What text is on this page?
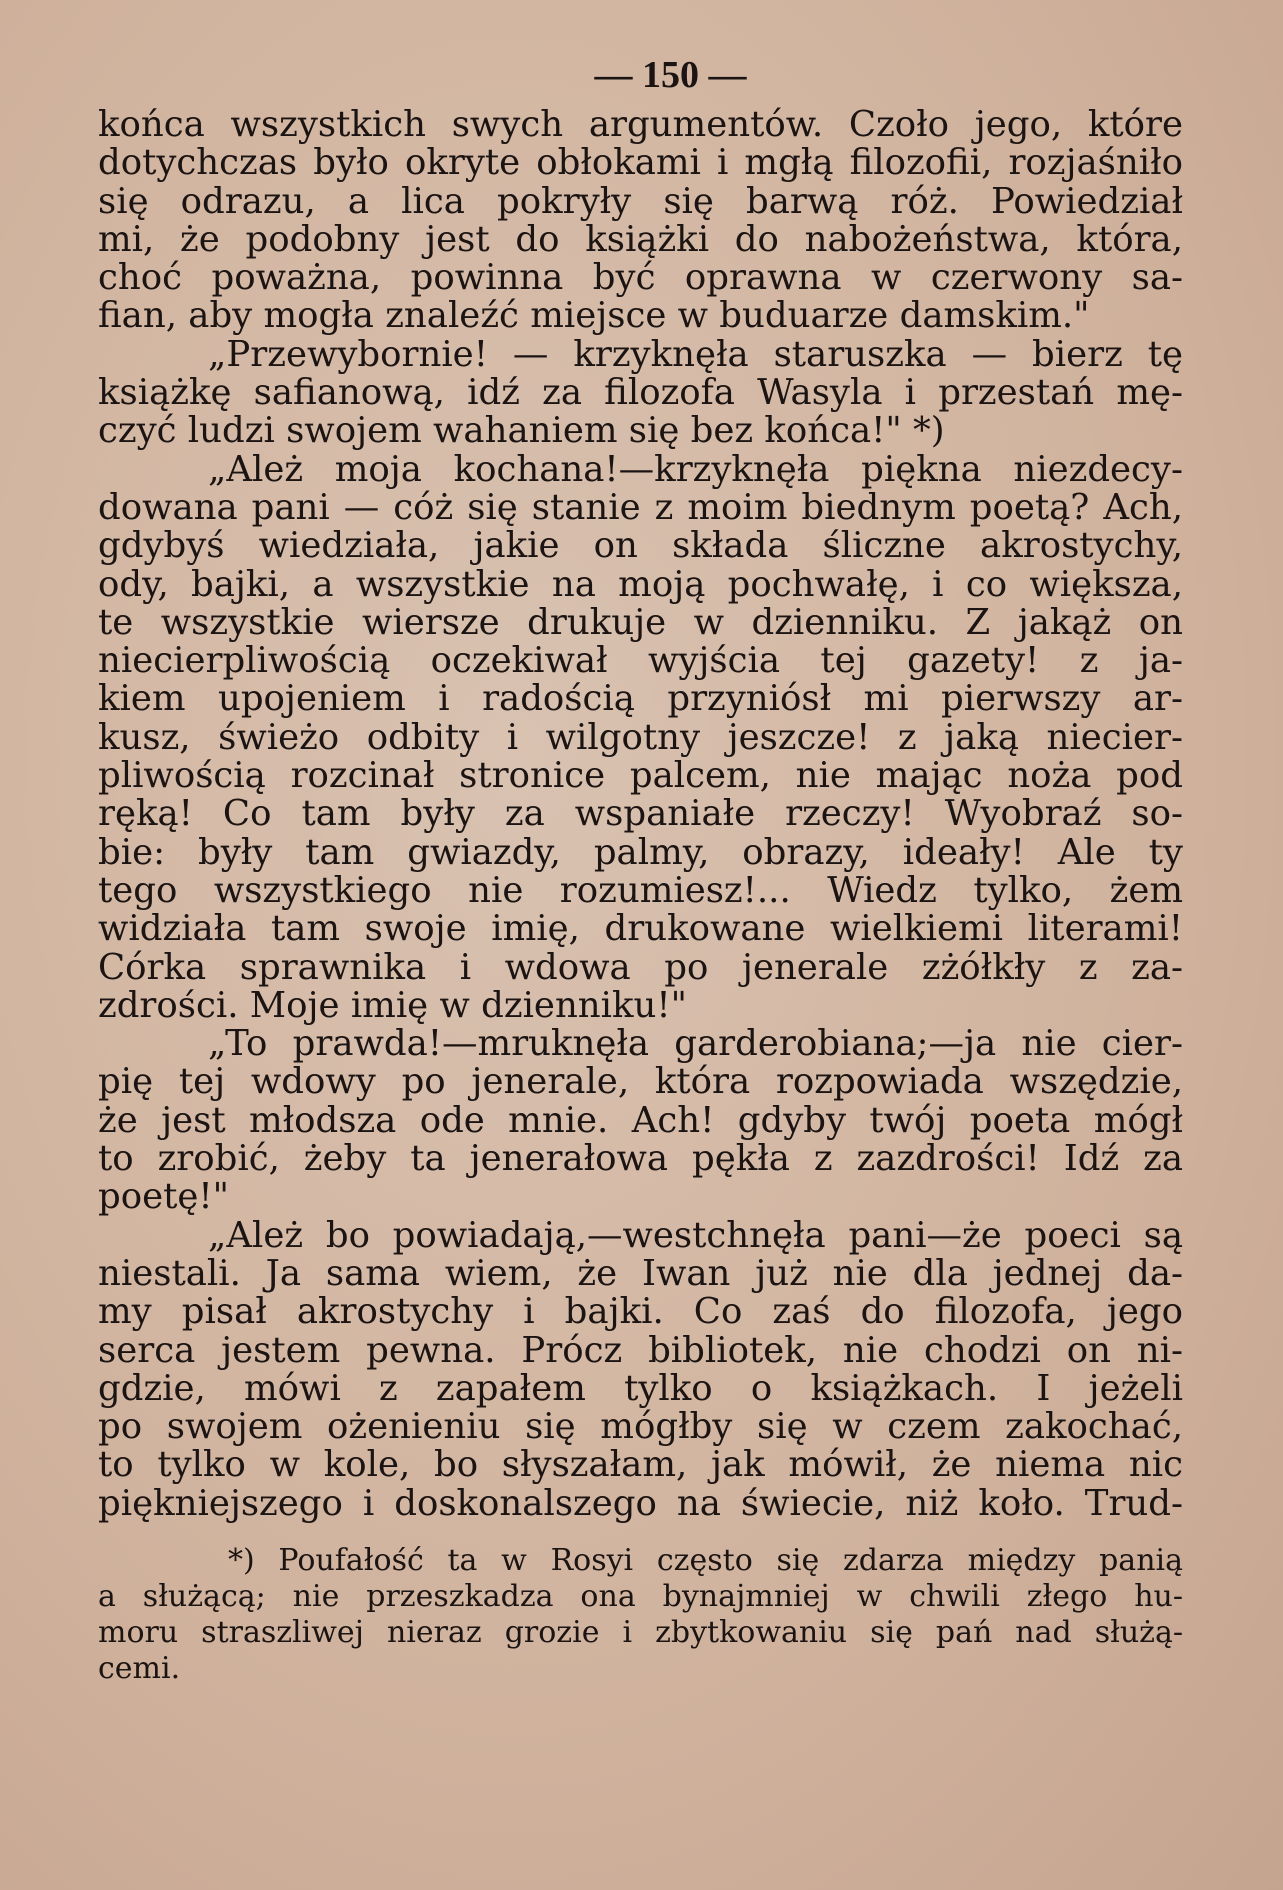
— 150 —
końca wszystkich swych argumentów. Czoło jego, które
dotychczas było okryte obłokami i mgłą filozofii, rozjaśniło
się odrazu, a lica pokryły się barwą róż. Powiedział
mi, że podobny jest do książki do nabożeństwa, która,
choć poważna, powinna być oprawna w czerwony sa-
fian, aby mogła znaleźć miejsce w buduarze damskim."
„Przewybornie! — krzyknęła staruszka — bierz tę
książkę safianową, idź za filozofa Wasyla i przestań mę-
czyć ludzi swojem wahaniem się bez końca!" *)
„Ależ moja kochana!—krzyknęła piękna niezdecy-
dowana pani — cóż się stanie z moim biednym poetą? Ach,
gdybyś wiedziała, jakie on składa śliczne akrostychy,
ody, bajki, a wszystkie na moją pochwałę, i co większa,
te wszystkie wiersze drukuje w dzienniku. Z jakąż on
niecierpliwością oczekiwał wyjścia tej gazety! z ja-
kiem upojeniem i radością przyniósł mi pierwszy ar-
kusz, świeżo odbity i wilgotny jeszcze! z jaką niecier-
pliwością rozcinał stronice palcem, nie mając noża pod
ręką! Co tam były za wspaniałe rzeczy! Wyobraź so-
bie: były tam gwiazdy, palmy, obrazy, ideały! Ale ty
tego wszystkiego nie rozumiesz!... Wiedz tylko, żem
widziała tam swoje imię, drukowane wielkiemi literami!
Córka sprawnika i wdowa po jenerale zżółkły z za-
zdrości. Moje imię w dzienniku!"
„To prawda!—mruknęła garderobiana;—ja nie cier-
pię tej wdowy po jenerale, która rozpowiada wszędzie,
że jest młodsza ode mnie. Ach! gdyby twój poeta mógł
to zrobić, żeby ta jenerałowa pękła z zazdrości! Idź za
poetę!"
„Ależ bo powiadają,—westchnęła pani—że poeci są
niestali. Ja sama wiem, że Iwan już nie dla jednej da-
my pisał akrostychy i bajki. Co zaś do filozofa, jego
serca jestem pewna. Prócz bibliotek, nie chodzi on ni-
gdzie, mówi z zapałem tylko o książkach. I jeżeli
po swojem ożenieniu się mógłby się w czem zakochać,
to tylko w kole, bo słyszałam, jak mówił, że niema nic
piękniejszego i doskonalszego na świecie, niż koło. Trud-
*) Poufałość ta w Rosyi często się zdarza między panią
a służącą; nie przeszkadza ona bynajmniej w chwili złego hu-
moru straszliwej nieraz grozie i zbytkowaniu się pań nad służą-
cemi.
